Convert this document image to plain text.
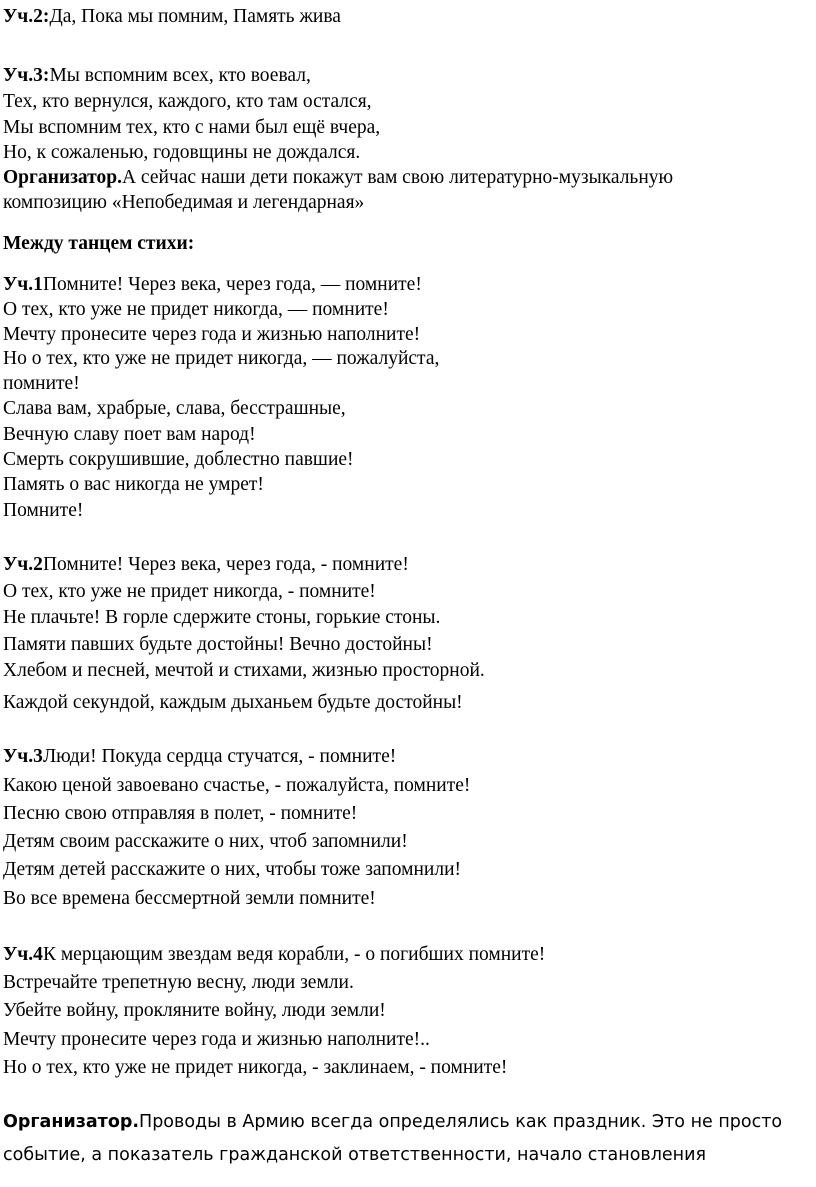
Уч.2:Да, Пока мы помним, Память жива
Уч.3:Мы вспомним всех, кто воевал,
Тех, кто вернулся, каждого, кто там остался,
Мы вспомним тех, кто с нами был ещё вчера,
Но, к сожаленью, годовщины не дождался.
Организатор.А сейчас наши дети покажут вам свою литературно-музыкальную
композицию «Непобедимая и легендарная»
Между танцем стихи:
Уч.1Помните! Через века, через года, — помните!
О тех, кто уже не придет никогда, — помните!
Мечту пронесите через года и жизнью наполните!
Но о тех, кто уже не придет никогда, — пожалуйста,
помните!
Слава вам, храбрые, слава, бесстрашные,
Вечную славу поет вам народ!
Смерть сокрушившие, доблестно павшие!
Память о вас никогда не умрет!
Помните!
Уч.2Помните! Через века, через года, - помните!
О тех, кто уже не придет никогда, - помните!
Не плачьте! В горле сдержите стоны, горькие стоны.
Памяти павших будьте достойны! Вечно достойны!
Хлебом и песней, мечтой и стихами, жизнью просторной.
Каждой секундой, каждым дыханьем будьте достойны!
Уч.3Люди! Покуда сердца стучатся, - помните!
Какою ценой завоевано счастье, - пожалуйста, помните!
Песню свою отправляя в полет, - помните!
Детям своим расскажите о них, чтоб запомнили!
Детям детей расскажите о них, чтобы тоже запомнили!
Во все времена бессмертной земли помните!
Уч.4К мерцающим звездам ведя корабли, - о погибших помните!
Встречайте трепетную весну, люди земли.
Убейте войну, прокляните войну, люди земли!
Мечту пронесите через года и жизнью наполните!..
Но о тех, кто уже не придет никогда, - заклинаем, - помните!
Организатор.Проводы в Армию всегда определялись как праздник. Это не просто
событие, а показатель гражданской ответственности, начало становления
